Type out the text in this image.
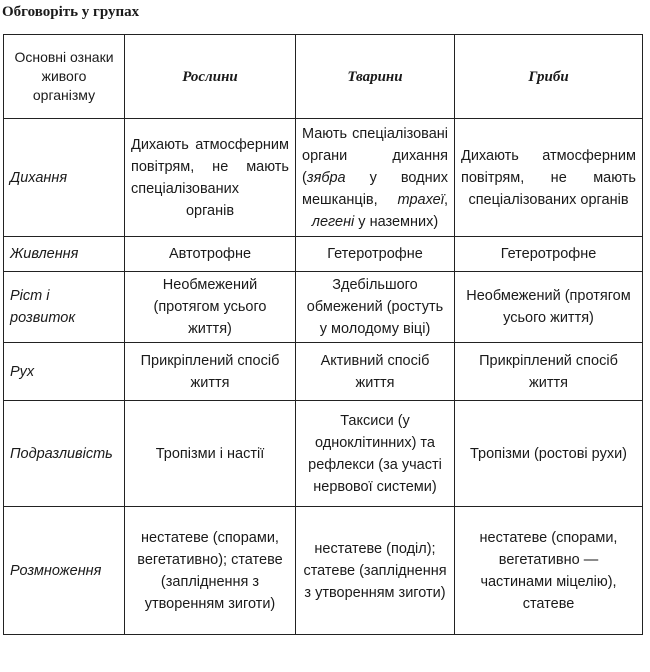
Обговоріть у групах
Основні ознаки живого організму	Рослини	Тварини	Гриби
Дихання	Дихають атмосферним повітрям, не мають спеціалізованих органів	Мають спеціалізовані органи дихання (зябра у водних мешканців, трахеї, легені у наземних)	Дихають атмосферним повітрям, не мають спеціалізованих органів
Живлення	Автотрофне	Гетеротрофне	Гетеротрофне
Ріст і розвиток	Необмежений (протягом усього життя)	Здебільшого обмежений (ростуть у молодому віці)	Необмежений (протягом усього життя)
Рух	Прикріплений спосіб життя	Активний спосіб життя	Прикріплений спосіб життя
Подразливість	Тропізми і настії	Таксиси (у одноклітинних) та рефлекси (за участі нервової системи)	Тропізми (ростові рухи)
Розмноження	нестатеве (спорами, вегетативно); статеве (запліднення з утворенням зиготи)	нестатеве (поділ); статеве (запліднення з утворенням зиготи)	нестатеве (спорами, вегетативно — частинами міцелію), статеве
